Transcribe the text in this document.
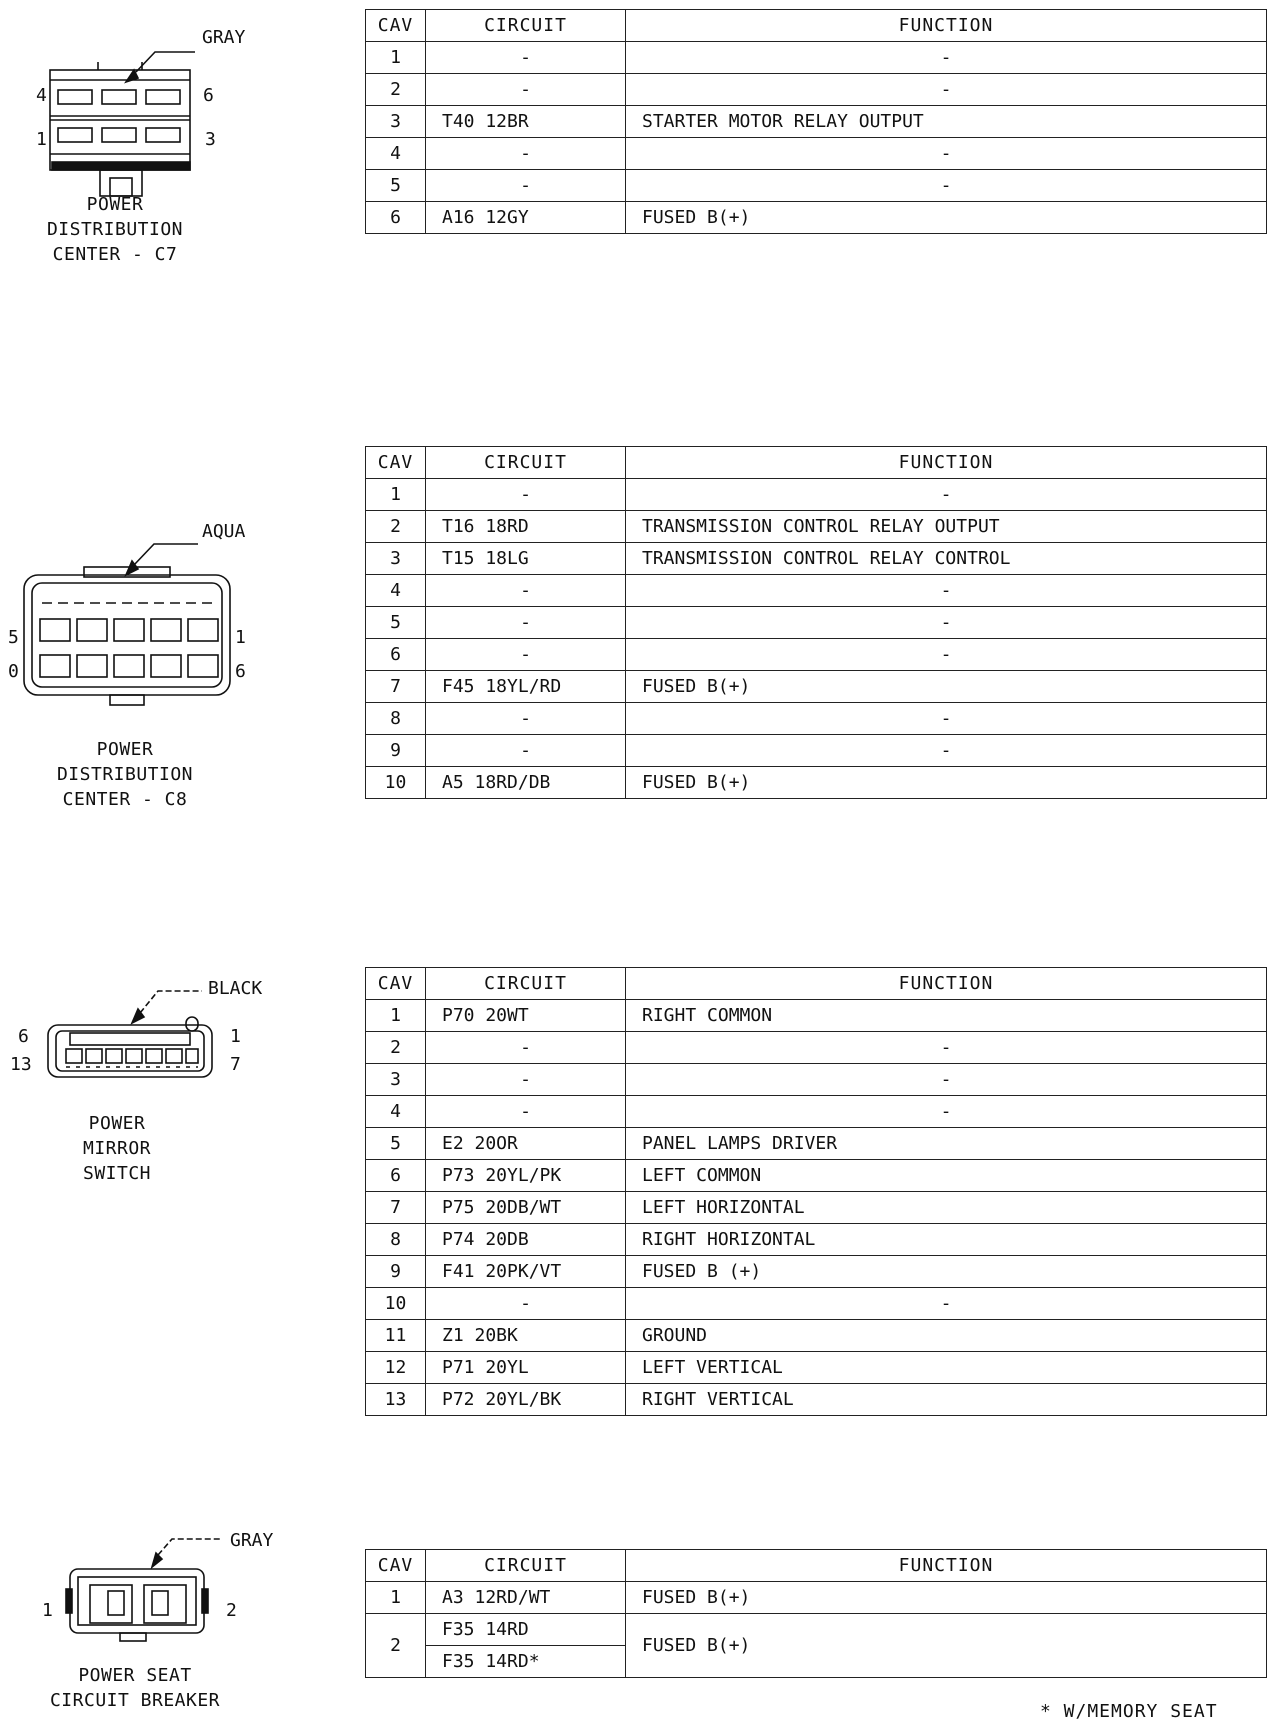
GRAY
4	6
1	3
POWER
DISTRIBUTION
CENTER - C7
CAV	CIRCUIT	FUNCTION
1	-	-
2	-	-
3	T40 12BR	STARTER MOTOR RELAY OUTPUT
4	-	-
5	-	-
6	A16 12GY	FUSED B(+)
AQUA
5	1
0	6
POWER
DISTRIBUTION
CENTER - C8
CAV	CIRCUIT	FUNCTION
1	-	-
2	T16 18RD	TRANSMISSION CONTROL RELAY OUTPUT
3	T15 18LG	TRANSMISSION CONTROL RELAY CONTROL
4	-	-
5	-	-
6	-	-
7	F45 18YL/RD	FUSED B(+)
8	-	-
9	-	-
10	A5 18RD/DB	FUSED B(+)
BLACK
6	1
13	7
POWER
MIRROR
SWITCH
CAV	CIRCUIT	FUNCTION
1	P70 20WT	RIGHT COMMON
2	-	-
3	-	-
4	-	-
5	E2 20OR	PANEL LAMPS DRIVER
6	P73 20YL/PK	LEFT COMMON
7	P75 20DB/WT	LEFT HORIZONTAL
8	P74 20DB	RIGHT HORIZONTAL
9	F41 20PK/VT	FUSED B (+)
10	-	-
11	Z1 20BK	GROUND
12	P71 20YL	LEFT VERTICAL
13	P72 20YL/BK	RIGHT VERTICAL
GRAY
1	2
POWER SEAT
CIRCUIT BREAKER
CAV	CIRCUIT	FUNCTION
1	A3 12RD/WT	FUSED B(+)
2	F35 14RD	FUSED B(+)
	F35 14RD*	
* W/MEMORY SEAT
